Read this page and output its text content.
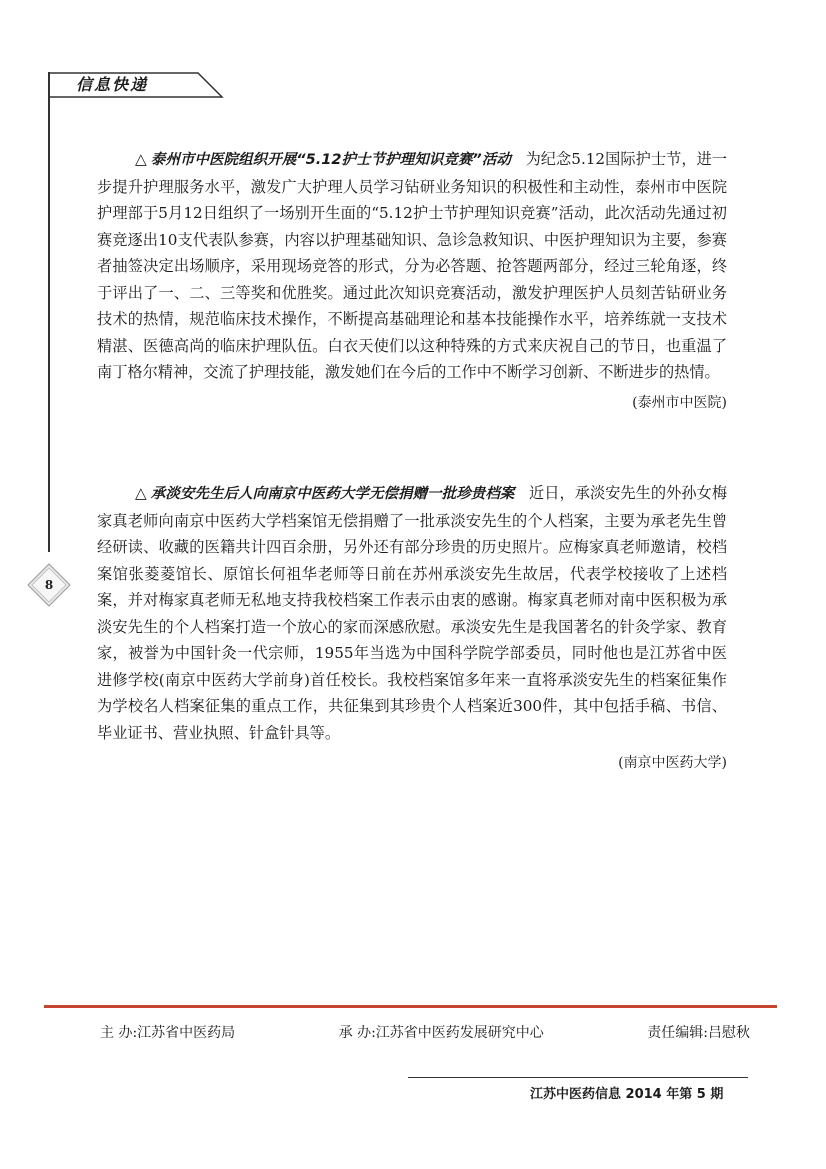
信息快递
8
△ 泰州市中医院组织开展“5.12护士节护理知识竞赛”活动 为纪念5.12国际护士节，进一步提升护理服务水平，激发广大护理人员学习钻研业务知识的积极性和主动性，泰州市中医院护理部于5月12日组织了一场别开生面的“5.12护士节护理知识竞赛”活动，此次活动先通过初赛竞逐出10支代表队参赛，内容以护理基础知识、急诊急救知识、中医护理知识为主要，参赛者抽签决定出场顺序，采用现场竞答的形式，分为必答题、抢答题两部分，经过三轮角逐，终于评出了一、二、三等奖和优胜奖。通过此次知识竞赛活动，激发护理医护人员刻苦钻研业务技术的热情，规范临床技术操作，不断提高基础理论和基本技能操作水平，培养练就一支技术精湛、医德高尚的临床护理队伍。白衣天使们以这种特殊的方式来庆祝自己的节日，也重温了南丁格尔精神，交流了护理技能，激发她们在今后的工作中不断学习创新、不断进步的热情。
(泰州市中医院)
△ 承淡安先生后人向南京中医药大学无偿捐赠一批珍贵档案 近日，承淡安先生的外孙女梅家真老师向南京中医药大学档案馆无偿捐赠了一批承淡安先生的个人档案，主要为承老先生曾经研读、收藏的医籍共计四百余册，另外还有部分珍贵的历史照片。应梅家真老师邀请，校档案馆张菱菱馆长、原馆长何祖华老师等日前在苏州承淡安先生故居，代表学校接收了上述档案，并对梅家真老师无私地支持我校档案工作表示由衷的感谢。梅家真老师对南中医积极为承淡安先生的个人档案打造一个放心的家而深感欣慰。承淡安先生是我国著名的针灸学家、教育家，被誉为中国针灸一代宗师，1955年当选为中国科学院学部委员，同时他也是江苏省中医进修学校(南京中医药大学前身)首任校长。我校档案馆多年来一直将承淡安先生的档案征集作为学校名人档案征集的重点工作，共征集到其珍贵个人档案近300件，其中包括手稿、书信、毕业证书、营业执照、针盒针具等。
(南京中医药大学)
主 办:江苏省中医药局	承 办:江苏省中医药发展研究中心	责任编辑:吕慰秋
江苏中医药信息 2014 年第 5 期
